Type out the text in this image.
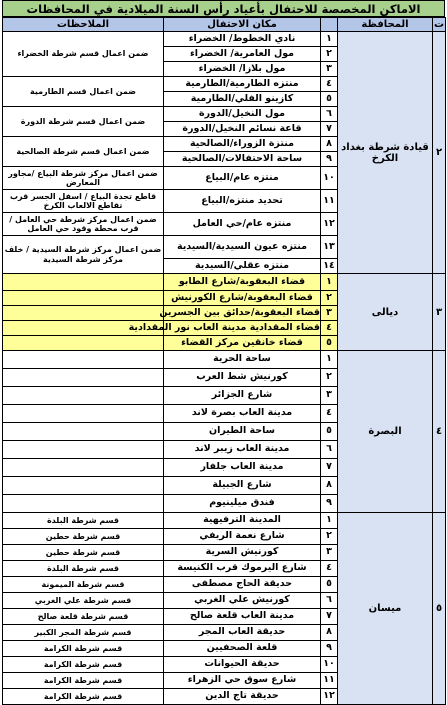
الاماكن المخصصة للاحتفال بأعياد رأس السنة الميلادية في المحافظات
ت	المحافظة		مكان الاحتفال	الملاحظات
٢	قيادة شرطة بغداد الكرخ	١	نادي الخطوط/ الخضراء	ضمن اعمال قسم شرطة الخضراء
		٢	مول العامرية/ الخضراء	
		٣	مول بلازا/ الخضراء	
		٤	منتزه الطارمية/الطارمية	ضمن اعمال قسم الطارمية
		٥	كازينو الفلي/الطارمية	
		٦	مول النخيل/الدورة	ضمن اعمال قسم شرطة الدورة
		٧	قاعة نسائم النخيل/الدورة	
		٨	منتزة الزوراء/الصالحية	ضمن اعمال قسم شرطة الصالحية
		٩	ساحة الاحتفالات/الصالحية	
		١٠	منتزه عام/البياع	ضمن اعمال مركز شرطة البياع /مجاور المعارض
		١١	تحديد منتزه/البياع	قاطع تجدة البياع / اسفل الجسر قرب تقاطع الالعاب الكرخ
		١٢	منتزه عام/حي العامل	ضمن اعمال مركز شرطة حي العامل / قرب محطة وقود حي العامل
		١٣	منتزه عيون السيدية/السيدية	ضمن اعمال مركز شرطة السيدية / خلف مركز شرطة السيدية
		١٤	منتزه عقلي/السيدية	
٣	ديالى	١	قضاء البعقوبة/شارع الطابو	
		٢	قضاء البعقوبة/شارع الكورنيش	
		٣	قضاء البعقوبة/حدائق بين الجسرين	
		٤	قضاء المقدادية مدينة العاب نور المقدادية	
		٥	قضاء خانقين مركز القضاء	
٤	البصرة	١	ساحة الحرية	
		٢	كورنيش شط العرب	
		٣	شارع الجزائر	
		٤	مدينة العاب بصرة لاند	
		٥	ساحة الطيران	
		٦	مدينة العاب زيبر لاند	
		٧	مدينة العاب جلفار	
		٨	شارع الجبيلة	
		٩	فندق ميلينيوم	
٥	ميسان	١	المدينة الترفيهية	قسم شرطة البلدة
		٢	شارع نعمة الريفي	قسم شرطة حطين
		٣	كورنيش السرية	قسم شرطة حطين
		٤	شارع اليرموك قرب الكنيسة	قسم شرطة البلدة
		٥	حديقة الحاج مصطفى	قسم شرطة الميمونة
		٦	كورنيش علي الغربي	قسم شرطة علي الغربي
		٧	مدينة العاب قلعة صالح	قسم شرطة قلعة صالح
		٨	حديقة العاب المجر	قسم شرطة المجر الكبير
		٩	قلعة الصحفيين	قسم شرطة الكرامة
		١٠	حديقة الحيوانات	قسم شرطة الكرامة
		١١	شارع سوق حي الزهراء	قسم شرطة الكرامة
		١٢	حديقة تاج الدين	قسم شرطة الكرامة
